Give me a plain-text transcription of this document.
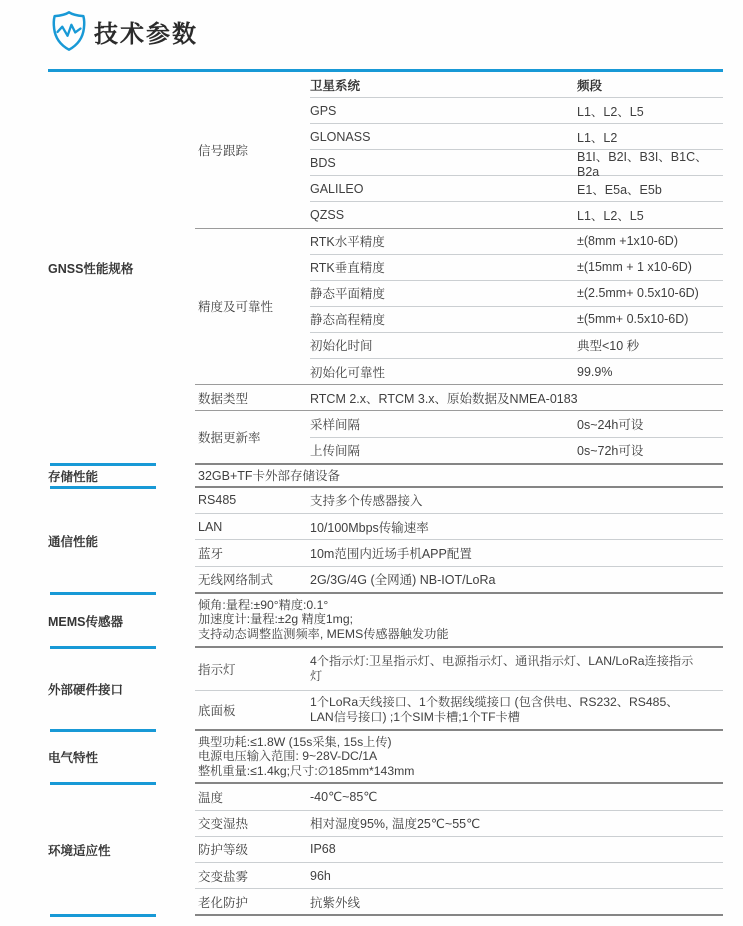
技术参数
GNSS性能规格
信号跟踪
卫星系统	频段
GPS	L1、L2、L5
GLONASS	L1、L2
BDS	B1I、B2I、B3I、B1C、B2a
GALILEO	E1、E5a、E5b
QZSS	L1、L2、L5
精度及可靠性
RTK水平精度	±(8mm +1x10-6D)
RTK垂直精度	±(15mm + 1 x10-6D)
静态平面精度	±(2.5mm+ 0.5x10-6D)
静态高程精度	±(5mm+ 0.5x10-6D)
初始化时间	典型<10 秒
初始化可靠性	99.9%
数据类型	RTCM 2.x、RTCM 3.x、原始数据及NMEA-0183
数据更新率
采样间隔	0s~24h可设
上传间隔	0s~72h可设
存储性能	32GB+TF卡外部存储设备
通信性能
RS485	支持多个传感器接入
LAN	10/100Mbps传输速率
蓝牙	10m范围内近场手机APP配置
无线网络制式	2G/3G/4G (全网通) NB-IOT/LoRa
MEMS传感器
倾角:量程:±90°精度:0.1°
加速度计:量程:±2g 精度1mg;
支持动态调整监测频率, MEMS传感器触发功能
外部硬件接口
指示灯
4个指示灯:卫星指示灯、电源指示灯、通讯指示灯、LAN/LoRa连接指示灯
底面板
1个LoRa天线接口、1个数据线缆接口 (包含供电、RS232、RS485、LAN信号接口) ;1个SIM卡槽;1个TF卡槽
电气特性
典型功耗:≤1.8W (15s采集, 15s上传)
电源电压输入范围: 9~28V-DC/1A
整机重量:≤1.4kg;尺寸:∅185mm*143mm
环境适应性
温度	-40℃~85℃
交变湿热	相对湿度95%, 温度25℃~55℃
防护等级	IP68
交变盐雾	96h
老化防护	抗紫外线
